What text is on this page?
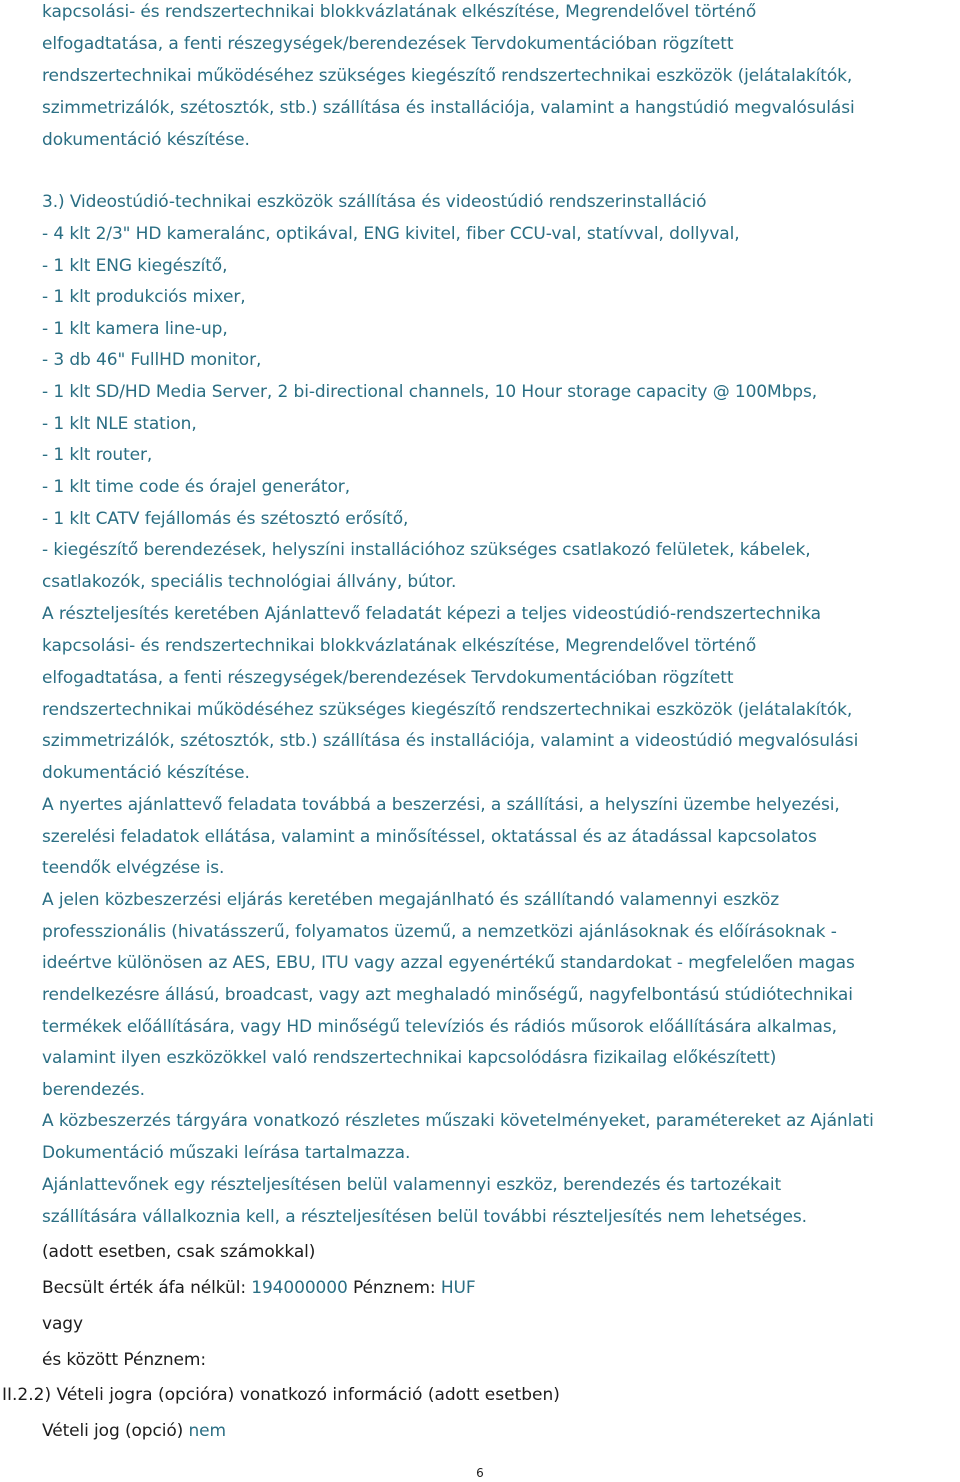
kapcsolási- és rendszertechnikai blokkvázlatának elkészítése, Megrendelővel történő
elfogadtatása, a fenti részegységek/berendezések Tervdokumentációban rögzített
rendszertechnikai működéséhez szükséges kiegészítő rendszertechnikai eszközök (jelátalakítók,
szimmetrizálók, szétosztók, stb.) szállítása és installációja, valamint a hangstúdió megvalósulási
dokumentáció készítése.
3.) Videostúdió-technikai eszközök szállítása és videostúdió rendszerinstalláció
- 4 klt 2/3" HD kameralánc, optikával, ENG kivitel, fiber CCU-val, statívval, dollyval,
- 1 klt ENG kiegészítő,
- 1 klt produkciós mixer,
- 1 klt kamera line-up,
- 3 db 46" FullHD monitor,
- 1 klt SD/HD Media Server, 2 bi-directional channels, 10 Hour storage capacity @ 100Mbps,
- 1 klt NLE station,
- 1 klt router,
- 1 klt time code és órajel generátor,
- 1 klt CATV fejállomás és szétosztó erősítő,
- kiegészítő berendezések, helyszíni installációhoz szükséges csatlakozó felületek, kábelek,
csatlakozók, speciális technológiai állvány, bútor.
A részteljesítés keretében Ajánlattevő feladatát képezi a teljes videostúdió-rendszertechnika
kapcsolási- és rendszertechnikai blokkvázlatának elkészítése, Megrendelővel történő
elfogadtatása, a fenti részegységek/berendezések Tervdokumentációban rögzített
rendszertechnikai működéséhez szükséges kiegészítő rendszertechnikai eszközök (jelátalakítók,
szimmetrizálók, szétosztók, stb.) szállítása és installációja, valamint a videostúdió megvalósulási
dokumentáció készítése.
A nyertes ajánlattevő feladata továbbá a beszerzési, a szállítási, a helyszíni üzembe helyezési,
szerelési feladatok ellátása, valamint a minősítéssel, oktatással és az átadással kapcsolatos
teendők elvégzése is.
A jelen közbeszerzési eljárás keretében megajánlható és szállítandó valamennyi eszköz
professzionális (hivatásszerű, folyamatos üzemű, a nemzetközi ajánlásoknak és előírásoknak -
ideértve különösen az AES, EBU, ITU vagy azzal egyenértékű standardokat - megfelelően magas
rendelkezésre állású, broadcast, vagy azt meghaladó minőségű, nagyfelbontású stúdiótechnikai
termékek előállítására, vagy HD minőségű televíziós és rádiós műsorok előállítására alkalmas,
valamint ilyen eszközökkel való rendszertechnikai kapcsolódásra fizikailag előkészített)
berendezés.
A közbeszerzés tárgyára vonatkozó részletes műszaki követelményeket, paramétereket az Ajánlati
Dokumentáció műszaki leírása tartalmazza.
Ajánlattevőnek egy részteljesítésen belül valamennyi eszköz, berendezés és tartozékait
szállítására vállalkoznia kell, a részteljesítésen belül további részteljesítés nem lehetséges.
(adott esetben, csak számokkal)
Becsült érték áfa nélkül: 194000000 Pénznem: HUF
vagy
és között Pénznem:
II.2.2) Vételi jogra (opcióra) vonatkozó információ (adott esetben)
Vételi jog (opció) nem
6
